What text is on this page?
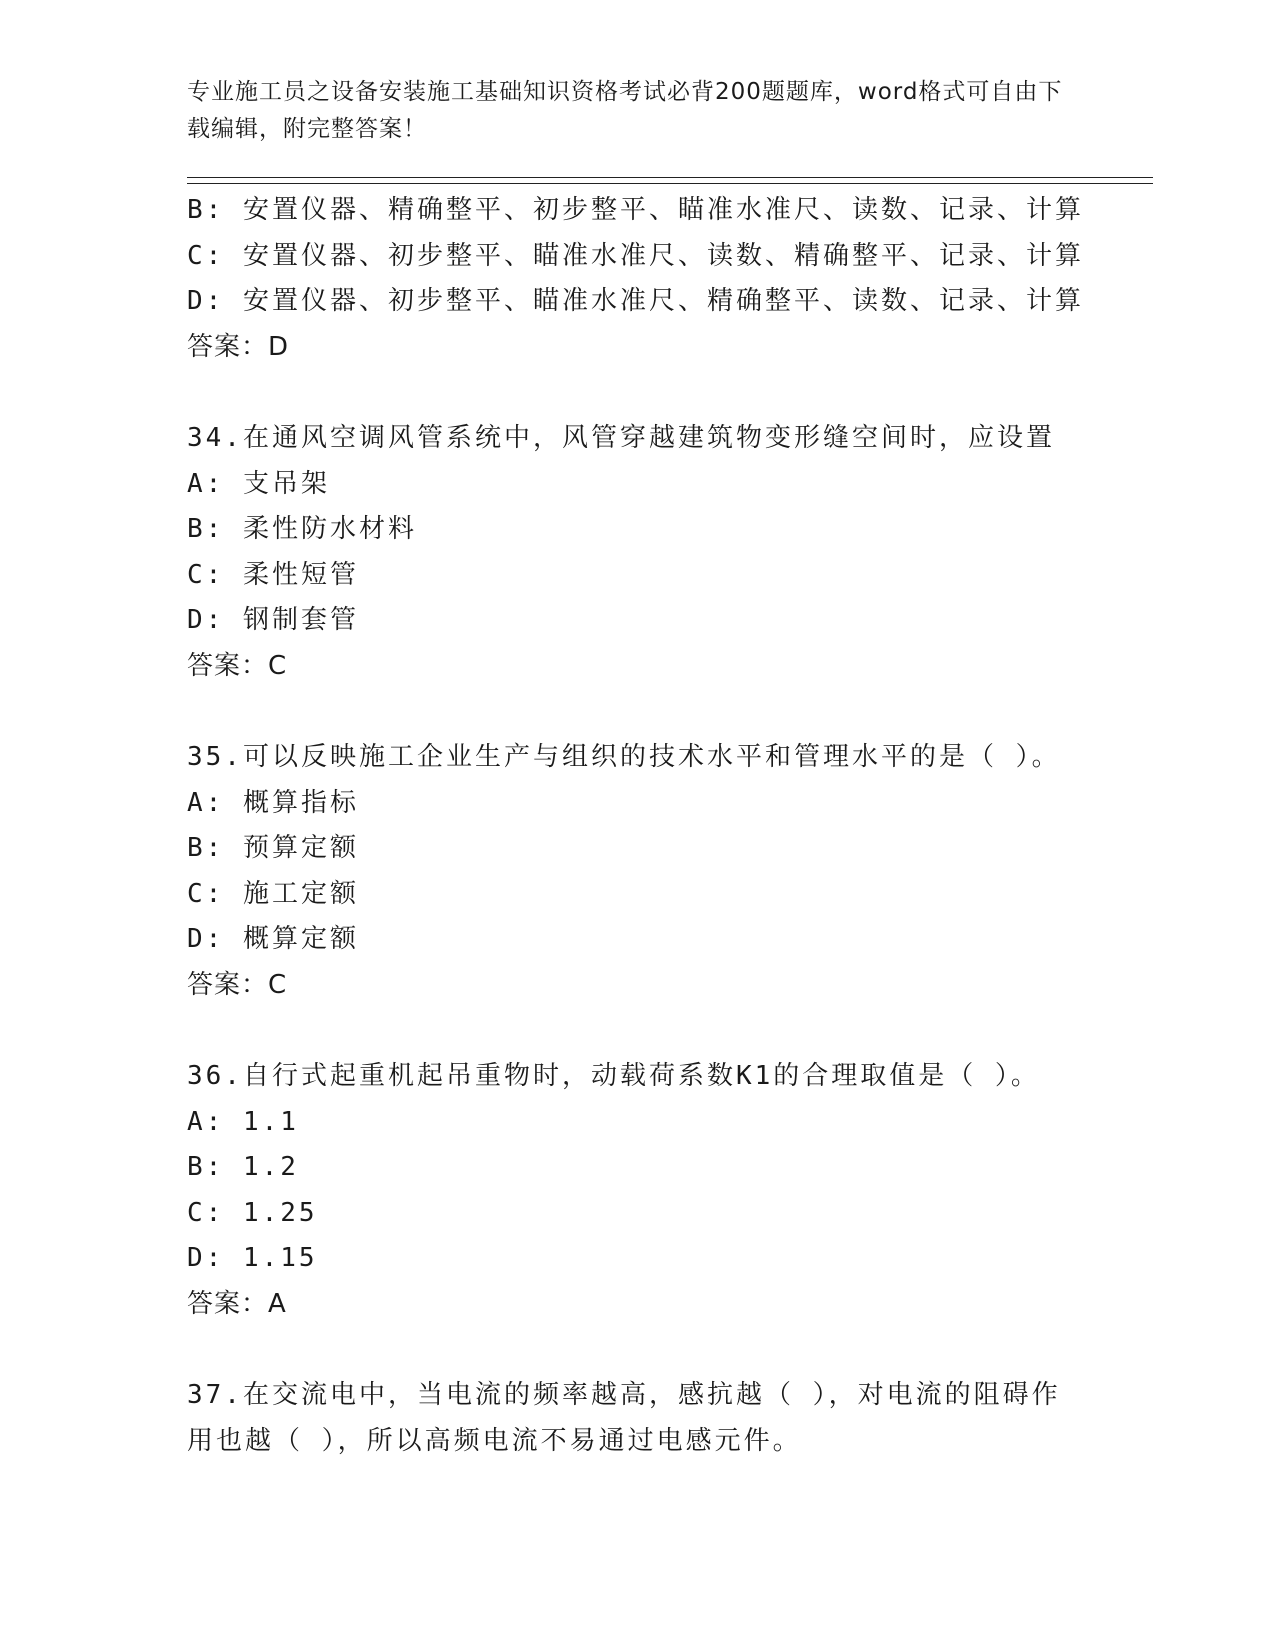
专业施工员之设备安装施工基础知识资格考试必背200题题库，word格式可自由下载编辑，附完整答案！
B: 安置仪器、精确整平、初步整平、瞄准水准尺、读数、记录、计算
C: 安置仪器、初步整平、瞄准水准尺、读数、精确整平、记录、计算
D: 安置仪器、初步整平、瞄准水准尺、精确整平、读数、记录、计算
答案：D
34.在通风空调风管系统中，风管穿越建筑物变形缝空间时，应设置
A: 支吊架
B: 柔性防水材料
C: 柔性短管
D: 钢制套管
答案：C
35.可以反映施工企业生产与组织的技术水平和管理水平的是（ ）。
A: 概算指标
B: 预算定额
C: 施工定额
D: 概算定额
答案：C
36.自行式起重机起吊重物时，动载荷系数K1的合理取值是（ ）。
A: 1.1
B: 1.2
C: 1.25
D: 1.15
答案：A
37.在交流电中，当电流的频率越高，感抗越（ ），对电流的阻碍作用也越（ ），所以高频电流不易通过电感元件。
